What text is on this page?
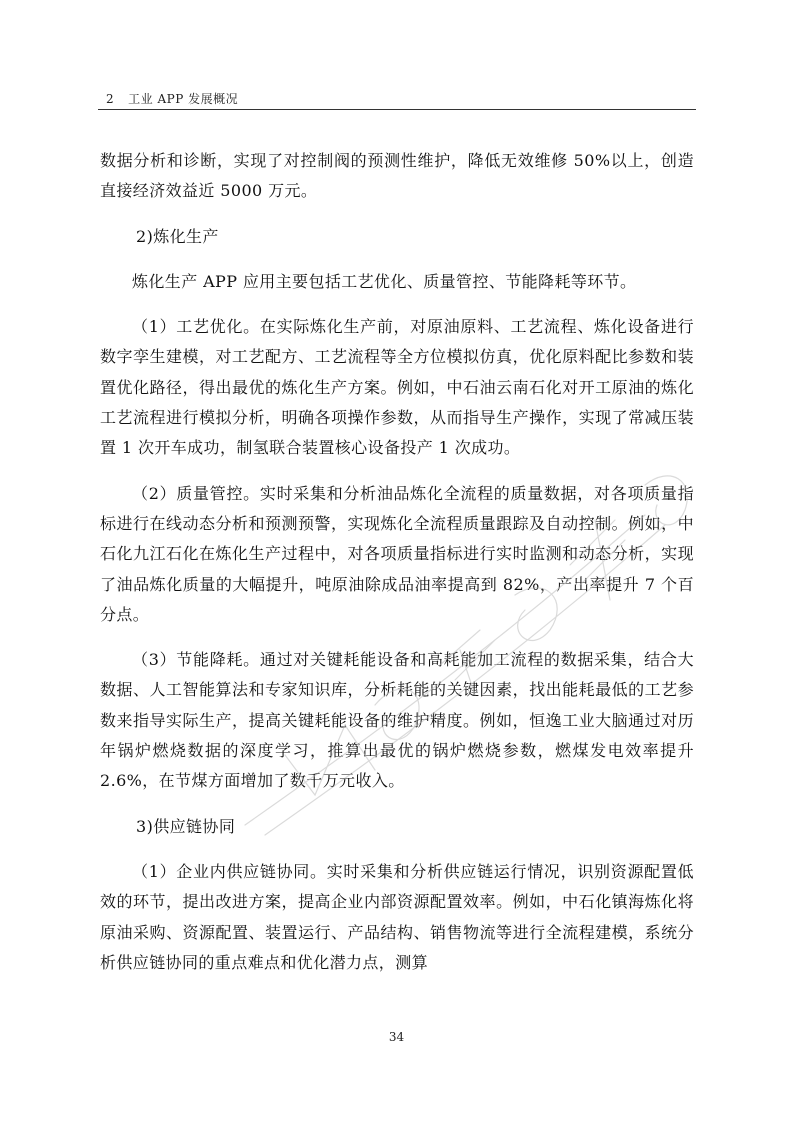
2 工业 APP 发展概况

数据分析和诊断，实现了对控制阀的预测性维护，降低无效维修 50%以上，创造直接经济效益近 5000 万元。

2)炼化生产

炼化生产 APP 应用主要包括工艺优化、质量管控、节能降耗等环节。

（1）工艺优化。在实际炼化生产前，对原油原料、工艺流程、炼化设备进行数字孪生建模，对工艺配方、工艺流程等全方位模拟仿真，优化原料配比参数和装置优化路径，得出最优的炼化生产方案。例如，中石油云南石化对开工原油的炼化工艺流程进行模拟分析，明确各项操作参数，从而指导生产操作，实现了常减压装置 1 次开车成功，制氢联合装置核心设备投产 1 次成功。

（2）质量管控。实时采集和分析油品炼化全流程的质量数据，对各项质量指标进行在线动态分析和预测预警，实现炼化全流程质量跟踪及自动控制。例如，中石化九江石化在炼化生产过程中，对各项质量指标进行实时监测和动态分析，实现了油品炼化质量的大幅提升，吨原油除成品油率提高到 82%，产出率提升 7 个百分点。

（3）节能降耗。通过对关键耗能设备和高耗能加工流程的数据采集，结合大数据、人工智能算法和专家知识库，分析耗能的关键因素，找出能耗最低的工艺参数来指导实际生产，提高关键耗能设备的维护精度。例如，恒逸工业大脑通过对历年锅炉燃烧数据的深度学习，推算出最优的锅炉燃烧参数，燃煤发电效率提升 2.6%，在节煤方面增加了数千万元收入。

3)供应链协同

（1）企业内供应链协同。实时采集和分析供应链运行情况，识别资源配置低效的环节，提出改进方案，提高企业内部资源配置效率。例如，中石化镇海炼化将原油采购、资源配置、装置运行、产品结构、销售物流等进行全流程建模，系统分析供应链协同的重点难点和优化潜力点，测算

34
